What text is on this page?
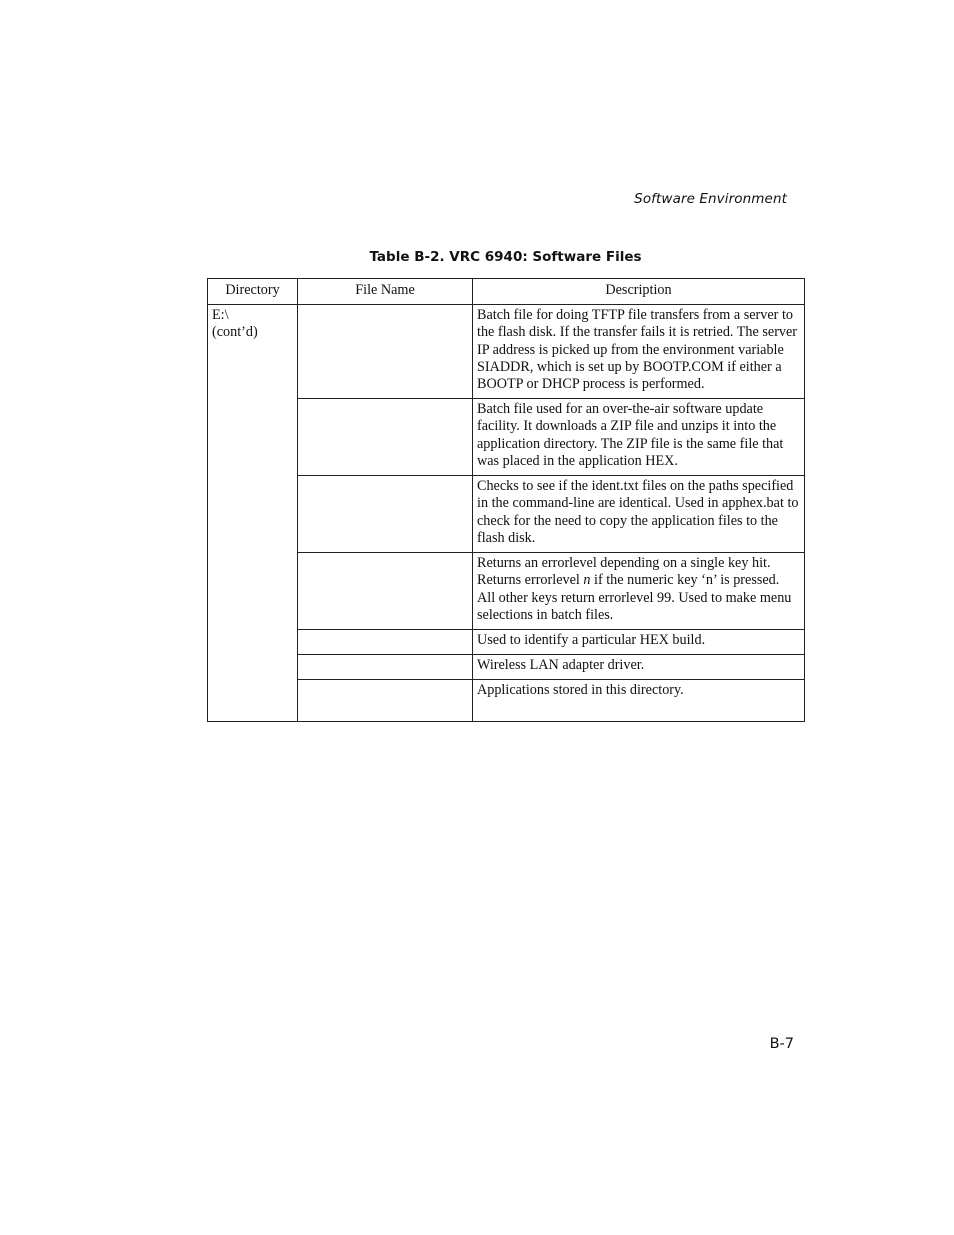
Software Environment
Table B-2. VRC 6940: Software Files
Directory	File Name	Description

E:\
(cont’d)		Batch file for doing TFTP file transfers from a server to the flash disk. If the transfer fails it is retried. The server IP address is picked up from the environment variable SIADDR, which is set up by BOOTP.COM if either a BOOTP or DHCP process is performed.

		Batch file used for an over-the-air software update facility. It downloads a ZIP file and unzips it into the application directory. The ZIP file is the same file that was placed in the application HEX.

		Checks to see if the ident.txt files on the paths specified in the command-line are identical. Used in apphex.bat to check for the need to copy the application files to the flash disk.

		Returns an errorlevel depending on a single key hit. Returns errorlevel n if the numeric key ‘n’ is pressed. All other keys return errorlevel 99. Used to make menu selections in batch files.

		Used to identify a particular HEX build.

		Wireless LAN adapter driver.

		Applications stored in this directory.
B-7
